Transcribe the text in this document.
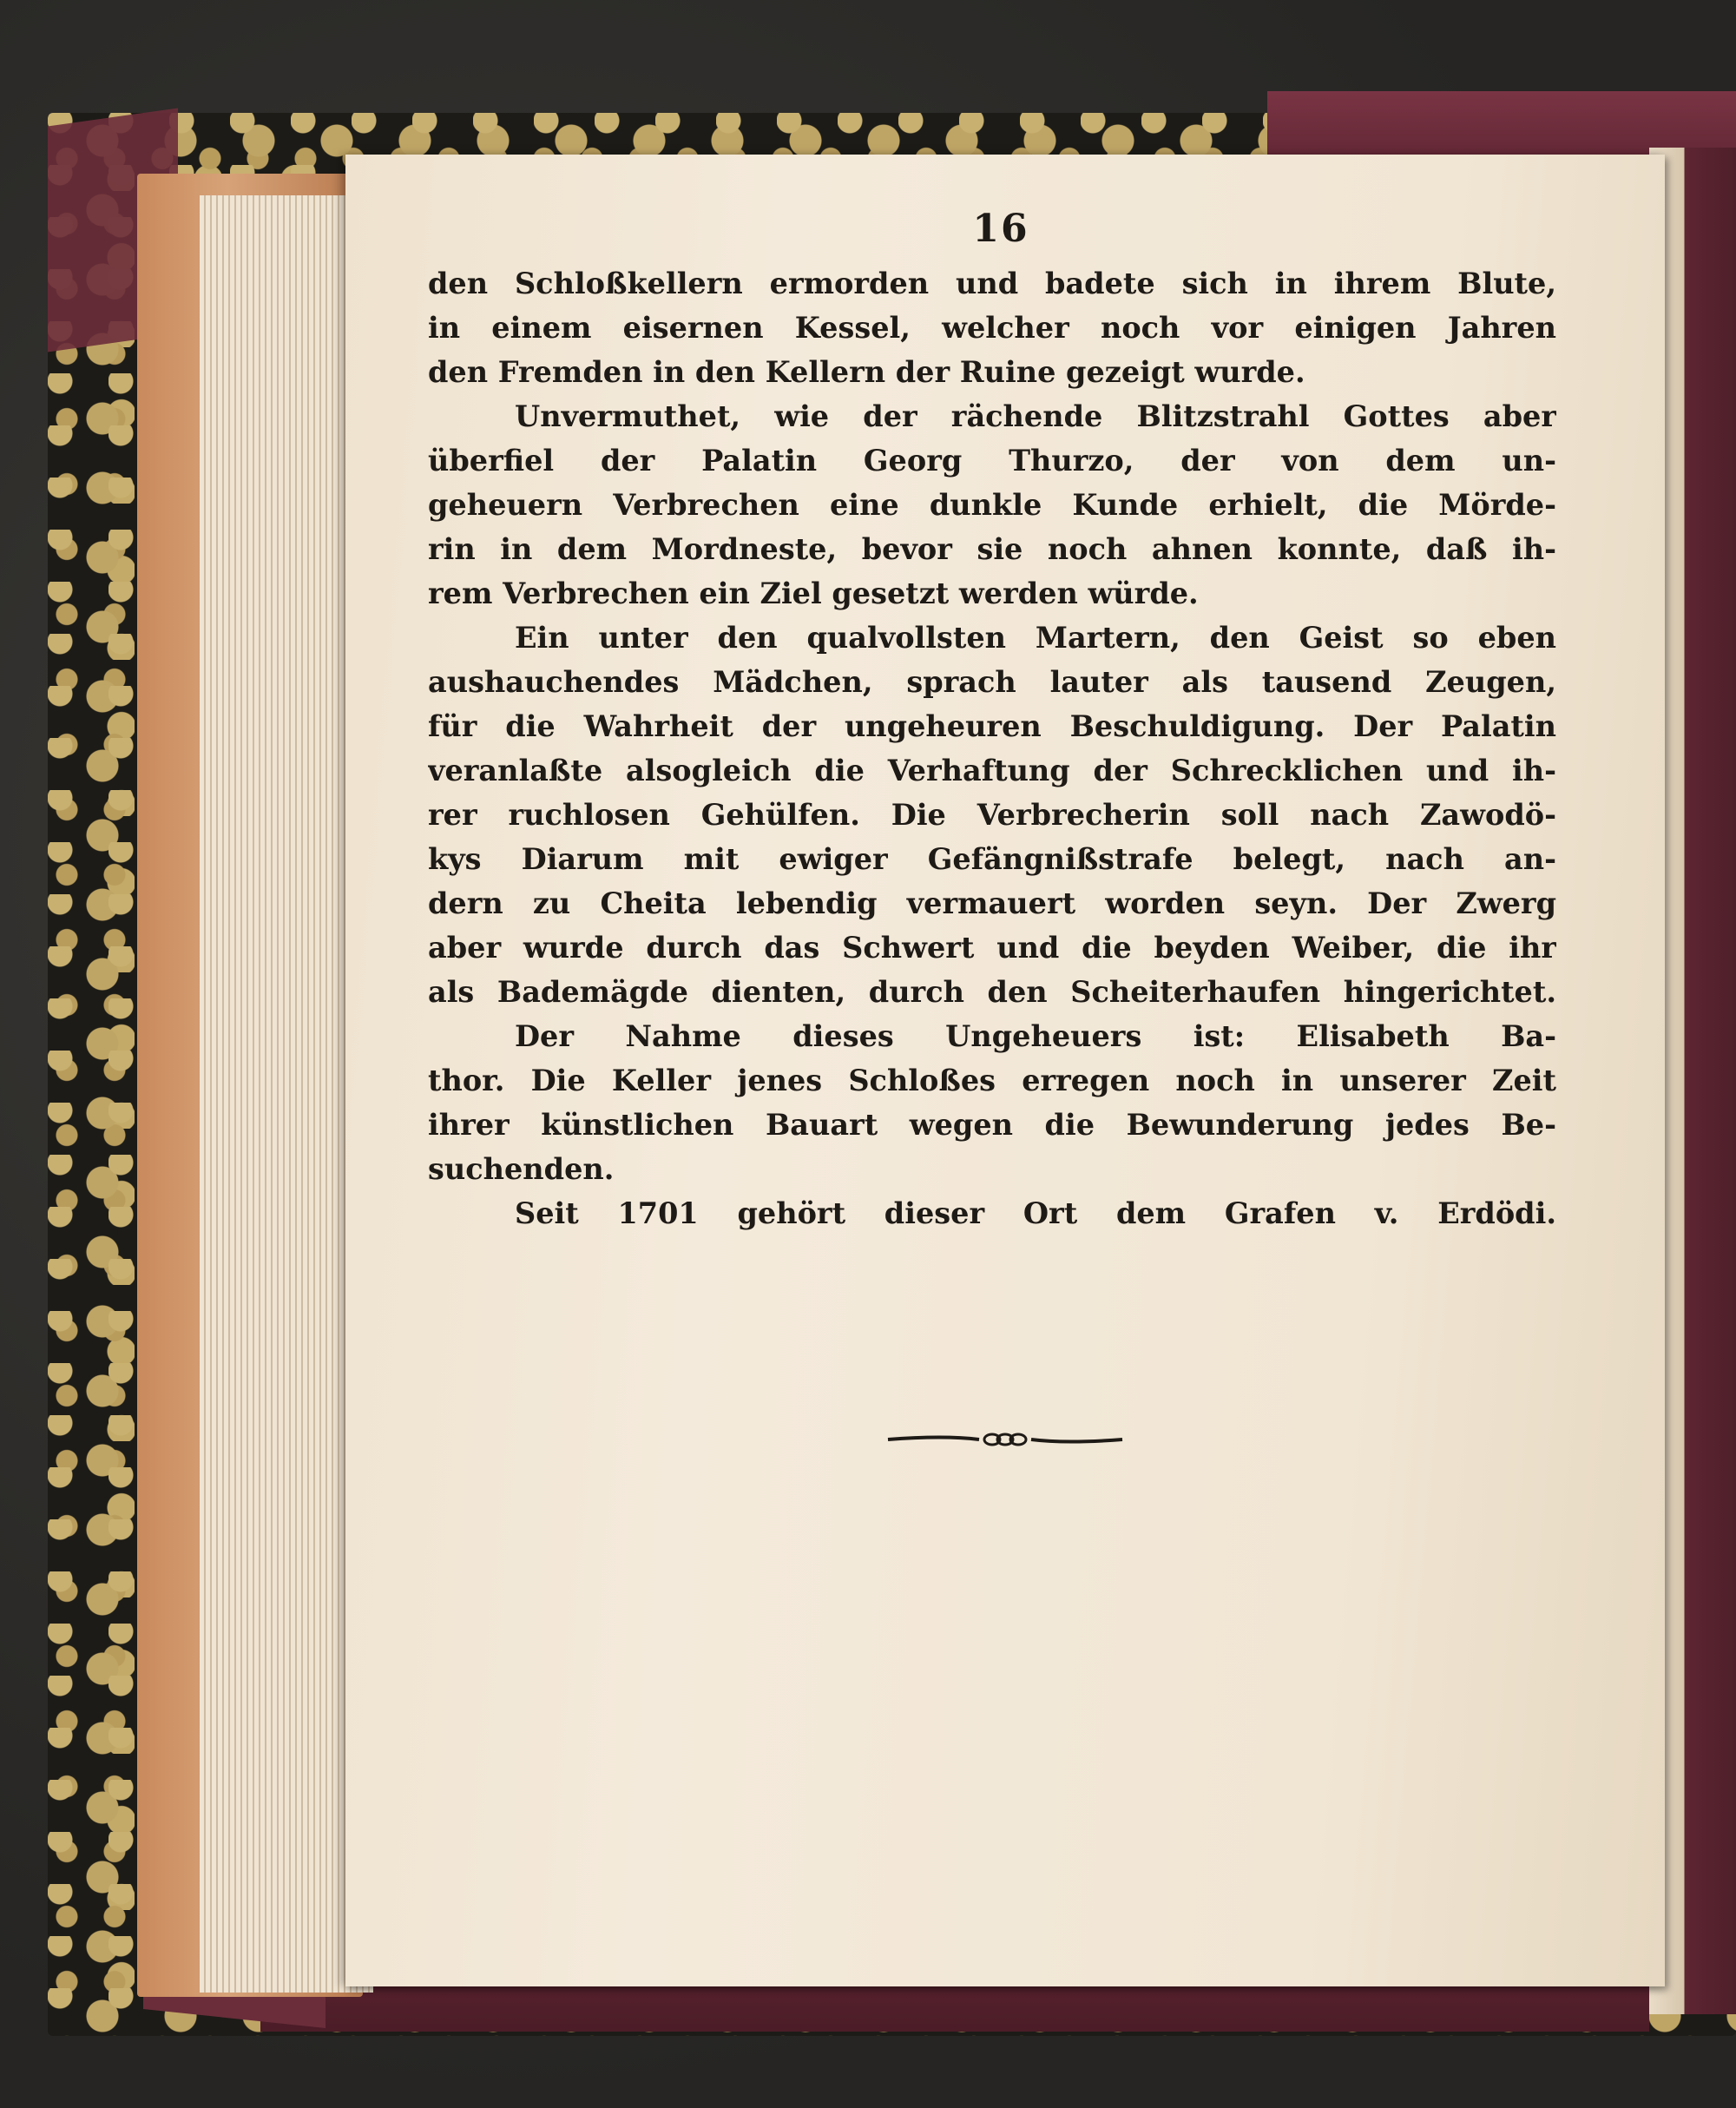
16
den Schloßkellern ermorden und badete sich in ihrem Blute,
in einem eisernen Kessel, welcher noch vor einigen Jahren
den Fremden in den Kellern der Ruine gezeigt wurde.
Unvermuthet, wie der rächende Blitzstrahl Gottes aber
überfiel der Palatin Georg Thurzo, der von dem un-
geheuern Verbrechen eine dunkle Kunde erhielt, die Mörde-
rin in dem Mordneste, bevor sie noch ahnen konnte, daß ih-
rem Verbrechen ein Ziel gesetzt werden würde.
Ein unter den qualvollsten Martern, den Geist so eben
aushauchendes Mädchen, sprach lauter als tausend Zeugen,
für die Wahrheit der ungeheuren Beschuldigung. Der Palatin
veranlaßte alsogleich die Verhaftung der Schrecklichen und ih-
rer ruchlosen Gehülfen. Die Verbrecherin soll nach Zawodö-
kys Diarum mit ewiger Gefängnißstrafe belegt, nach an-
dern zu Cheita lebendig vermauert worden seyn. Der Zwerg
aber wurde durch das Schwert und die beyden Weiber, die ihr
als Bademägde dienten, durch den Scheiterhaufen hingerichtet.
Der Nahme dieses Ungeheuers ist: Elisabeth Ba-
thor. Die Keller jenes Schloßes erregen noch in unserer Zeit
ihrer künstlichen Bauart wegen die Bewunderung jedes Be-
suchenden.
Seit 1701 gehört dieser Ort dem Grafen v. Erdödi.
